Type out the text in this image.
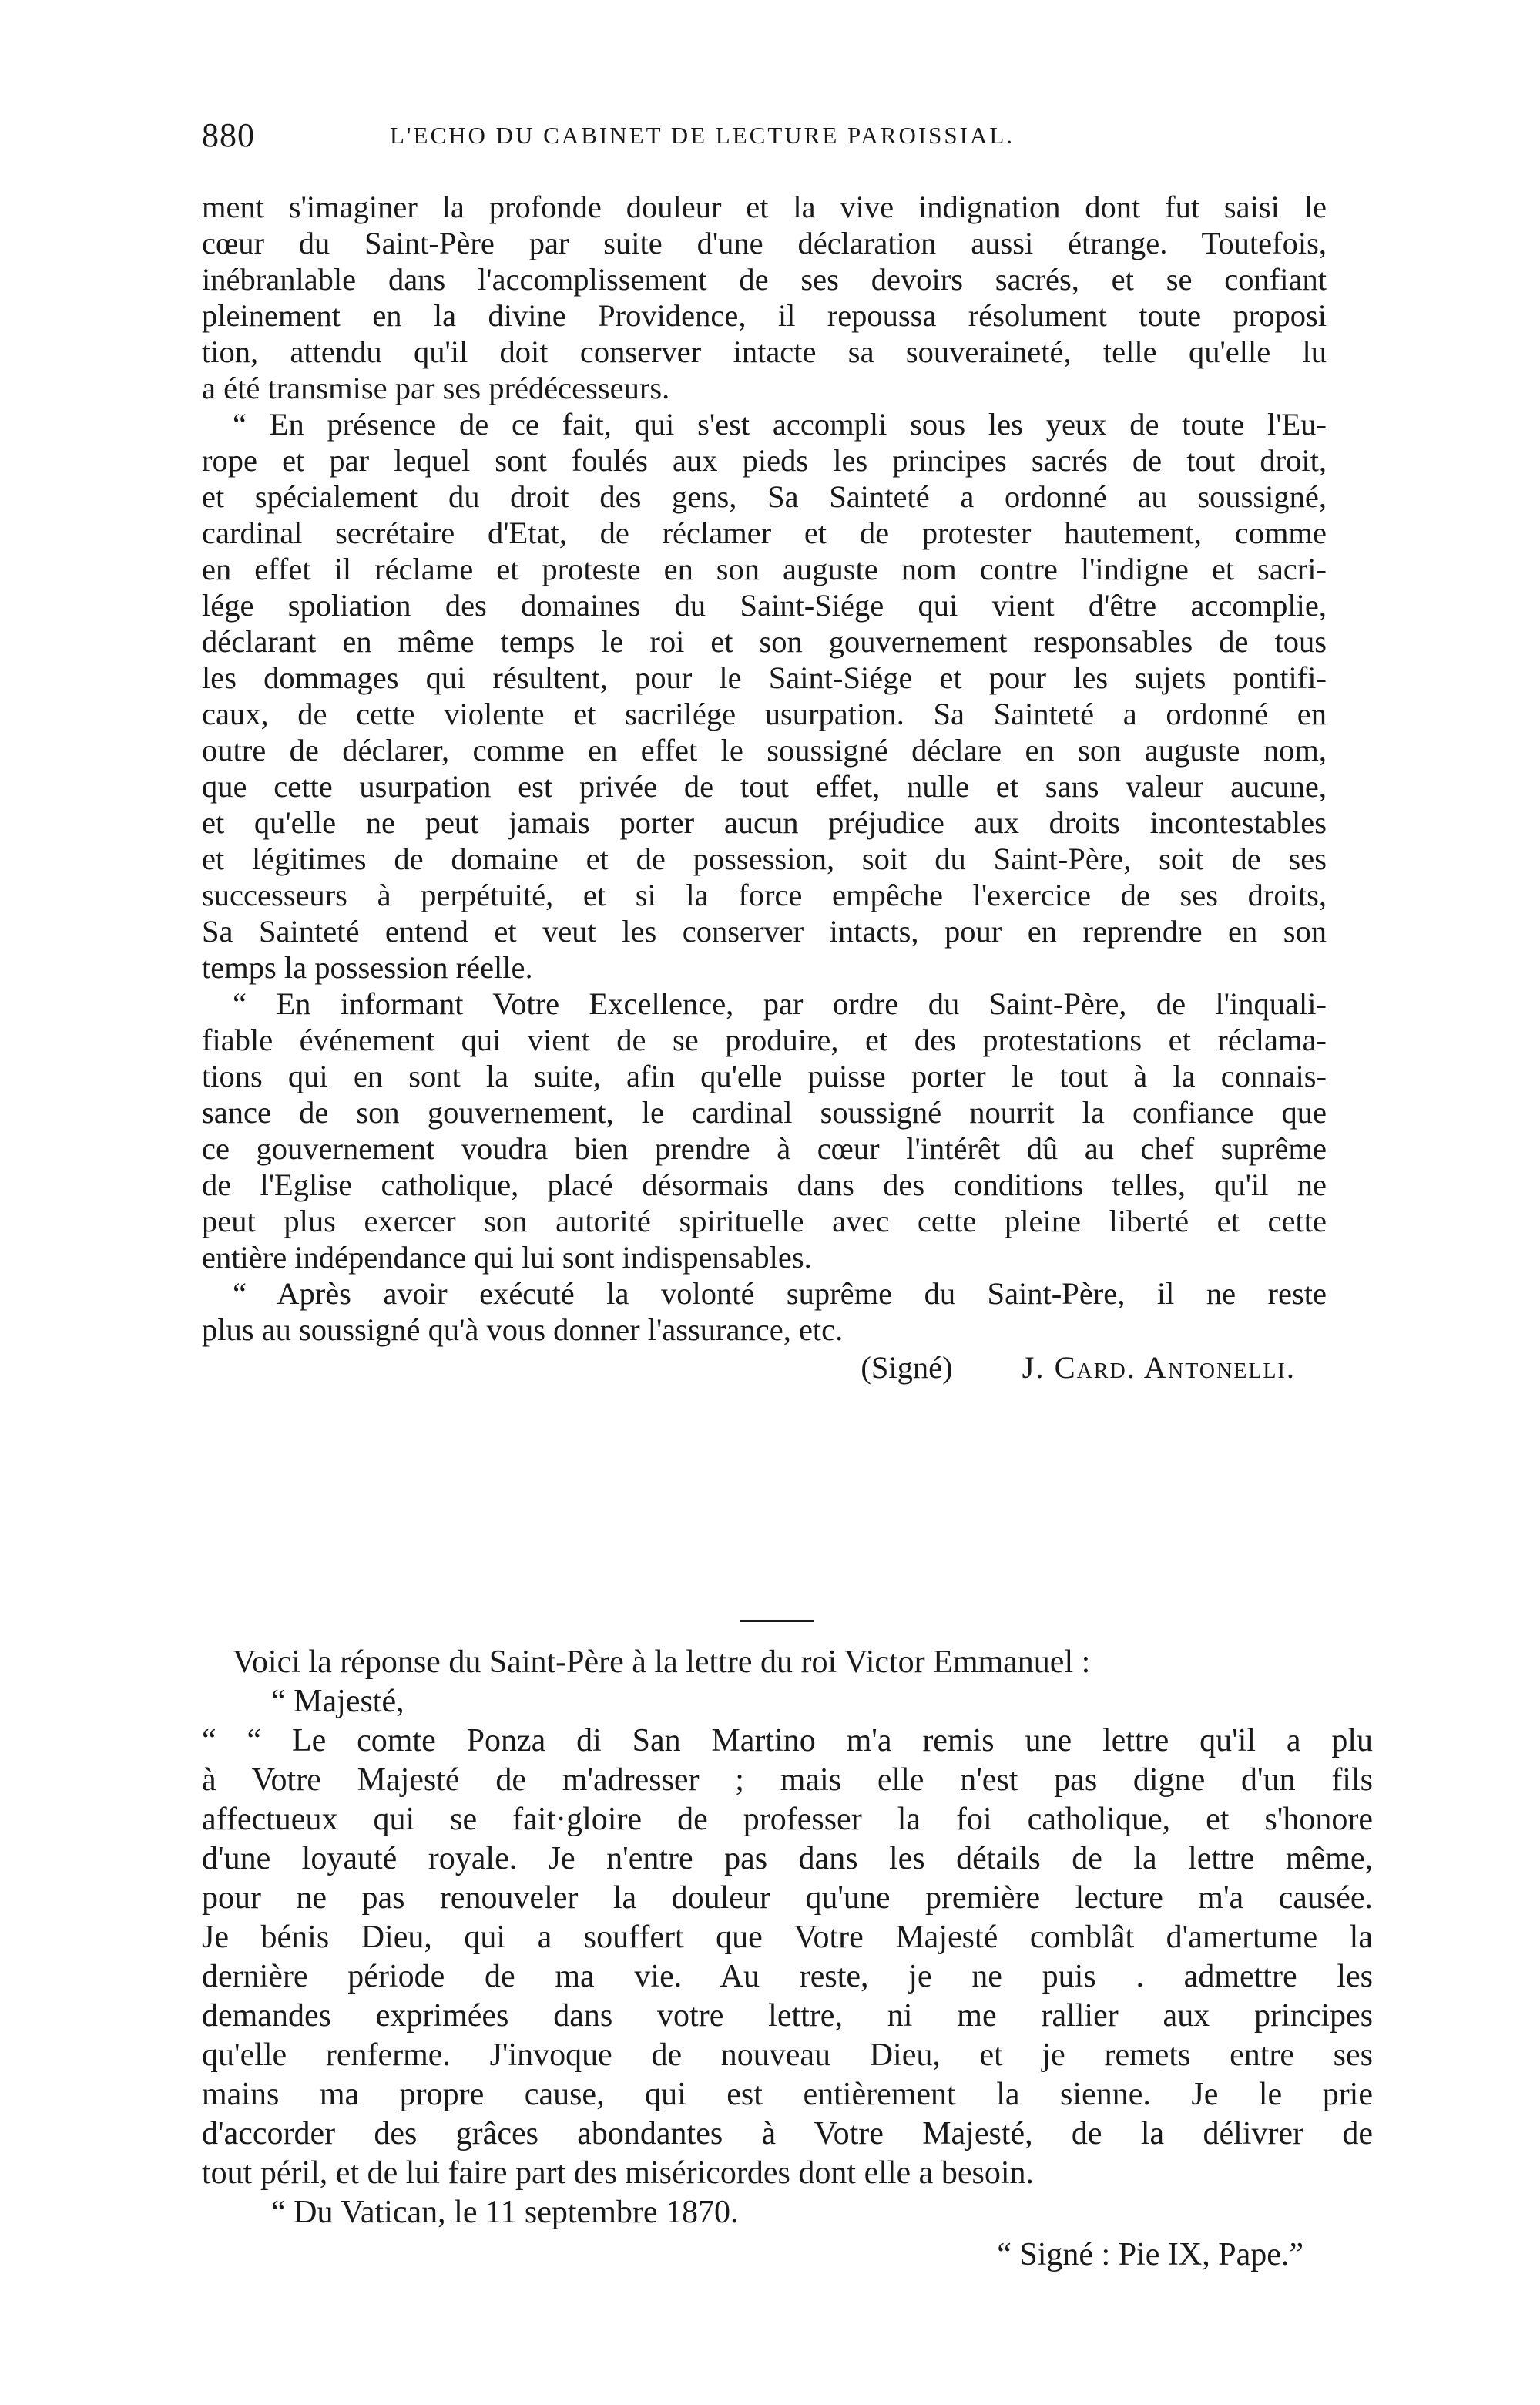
880	L'ECHO DU CABINET DE LECTURE PAROISSIAL.
ment s'imaginer la profonde douleur et la vive indignation dont fut saisi le
cœur du Saint-Père par suite d'une déclaration aussi étrange. Toutefois,
inébranlable dans l'accomplissement de ses devoirs sacrés, et se confiant
pleinement en la divine Providence, il repoussa résolument toute proposi
tion, attendu qu'il doit conserver intacte sa souveraineté, telle qu'elle lu
a été transmise par ses prédécesseurs.
“ En présence de ce fait, qui s'est accompli sous les yeux de toute l'Eu-
rope et par lequel sont foulés aux pieds les principes sacrés de tout droit,
et spécialement du droit des gens, Sa Sainteté a ordonné au soussigné,
cardinal secrétaire d'Etat, de réclamer et de protester hautement, comme
en effet il réclame et proteste en son auguste nom contre l'indigne et sacri-
lége spoliation des domaines du Saint-Siége qui vient d'être accomplie,
déclarant en même temps le roi et son gouvernement responsables de tous
les dommages qui résultent, pour le Saint-Siége et pour les sujets pontifi-
caux, de cette violente et sacrilége usurpation. Sa Sainteté a ordonné en
outre de déclarer, comme en effet le soussigné déclare en son auguste nom,
que cette usurpation est privée de tout effet, nulle et sans valeur aucune,
et qu'elle ne peut jamais porter aucun préjudice aux droits incontestables
et légitimes de domaine et de possession, soit du Saint-Père, soit de ses
successeurs à perpétuité, et si la force empêche l'exercice de ses droits,
Sa Sainteté entend et veut les conserver intacts, pour en reprendre en son
temps la possession réelle.
“ En informant Votre Excellence, par ordre du Saint-Père, de l'inquali-
fiable événement qui vient de se produire, et des protestations et réclama-
tions qui en sont la suite, afin qu'elle puisse porter le tout à la connais-
sance de son gouvernement, le cardinal soussigné nourrit la confiance que
ce gouvernement voudra bien prendre à cœur l'intérêt dû au chef suprême
de l'Eglise catholique, placé désormais dans des conditions telles, qu'il ne
peut plus exercer son autorité spirituelle avec cette pleine liberté et cette
entière indépendance qui lui sont indispensables.
“ Après avoir exécuté la volonté suprême du Saint-Père, il ne reste
plus au soussigné qu'à vous donner l'assurance, etc.
(Signé) J. Card. Antonelli.
Voici la réponse du Saint-Père à la lettre du roi Victor Emmanuel :
“ Majesté,
“ “ Le comte Ponza di San Martino m'a remis une lettre qu'il a plu
à Votre Majesté de m'adresser ; mais elle n'est pas digne d'un fils
affectueux qui se fait·gloire de professer la foi catholique, et s'honore
d'une loyauté royale. Je n'entre pas dans les détails de la lettre même,
pour ne pas renouveler la douleur qu'une première lecture m'a causée.
Je bénis Dieu, qui a souffert que Votre Majesté comblât d'amertume la
dernière période de ma vie. Au reste, je ne puis . admettre les
demandes exprimées dans votre lettre, ni me rallier aux principes
qu'elle renferme. J'invoque de nouveau Dieu, et je remets entre ses
mains ma propre cause, qui est entièrement la sienne. Je le prie
d'accorder des grâces abondantes à Votre Majesté, de la délivrer de
tout péril, et de lui faire part des miséricordes dont elle a besoin.
“ Du Vatican, le 11 septembre 1870.
“ Signé : Pie IX, Pape.”
